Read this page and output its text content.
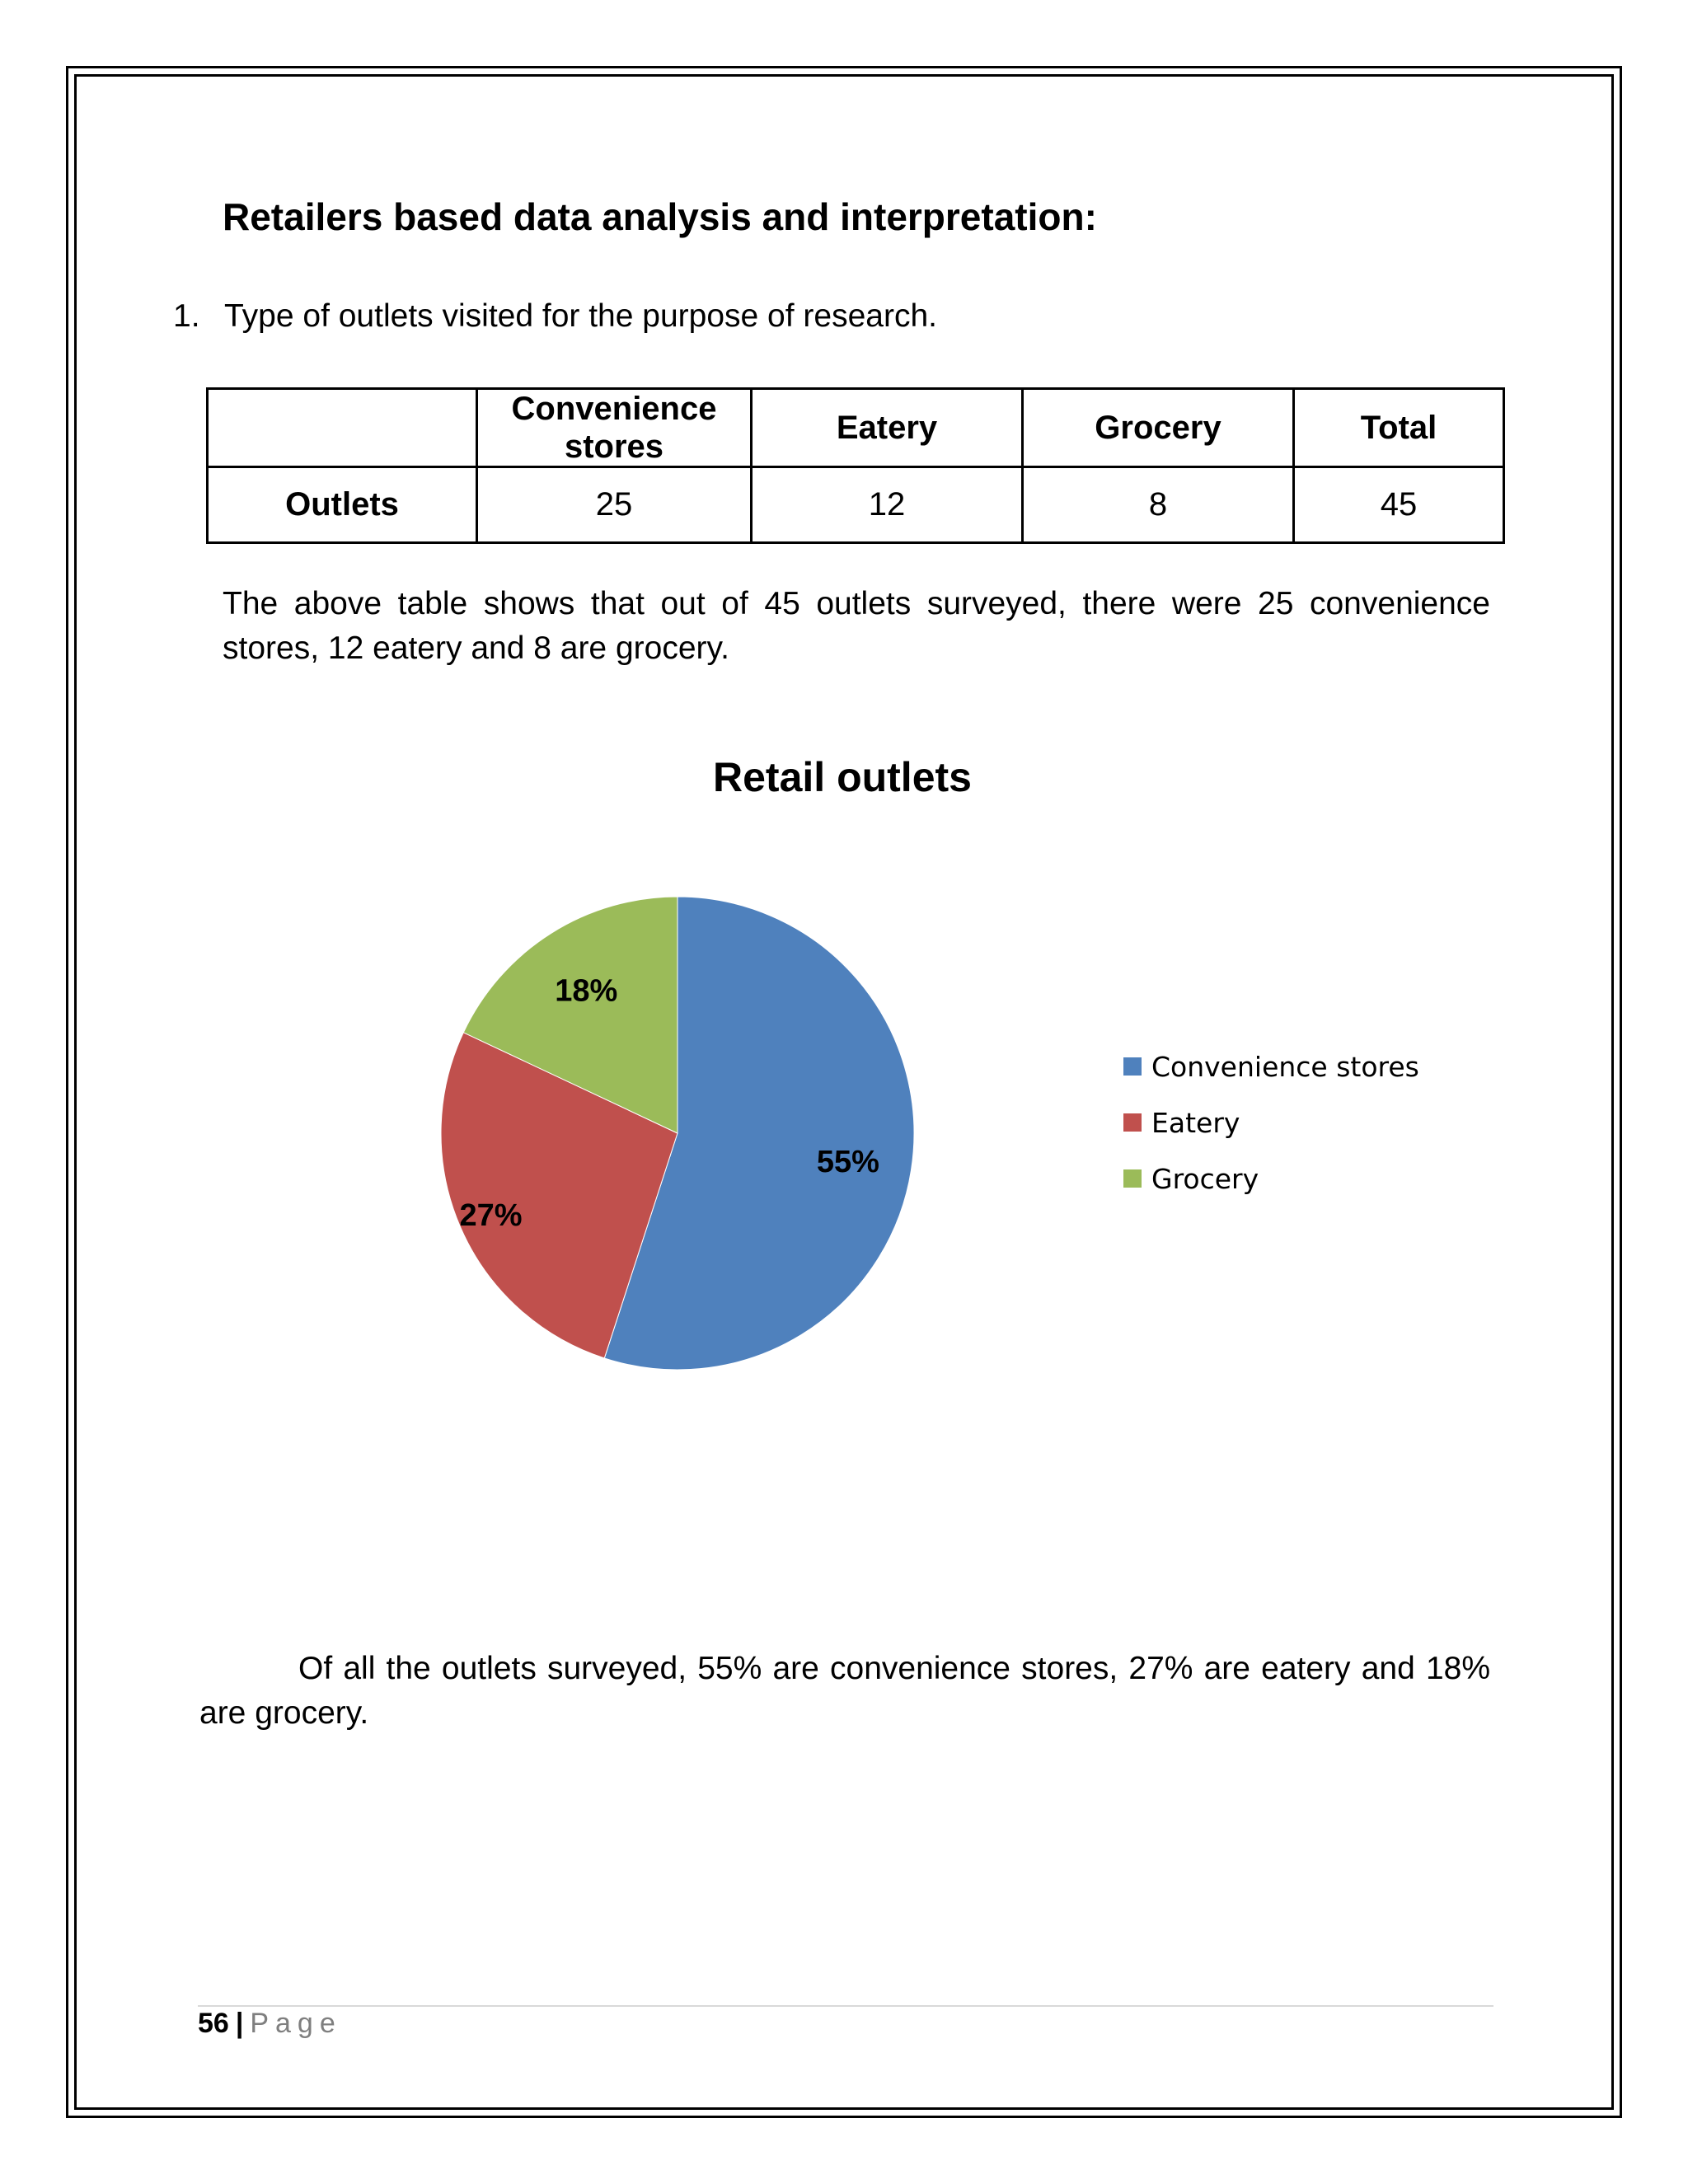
Retailers based data analysis and interpretation:
1. Type of outlets visited for the purpose of research.
	Convenience stores	Eatery	Grocery	Total
Outlets	25	12	8	45
The above table shows that out of 45 outlets surveyed, there were 25 convenience stores, 12 eatery and 8 are grocery.
Retail outlets
55%
27%
18%
Convenience stores
Eatery
Grocery
Of all the outlets surveyed, 55% are convenience stores, 27% are eatery and 18% are grocery.
56 | Page
